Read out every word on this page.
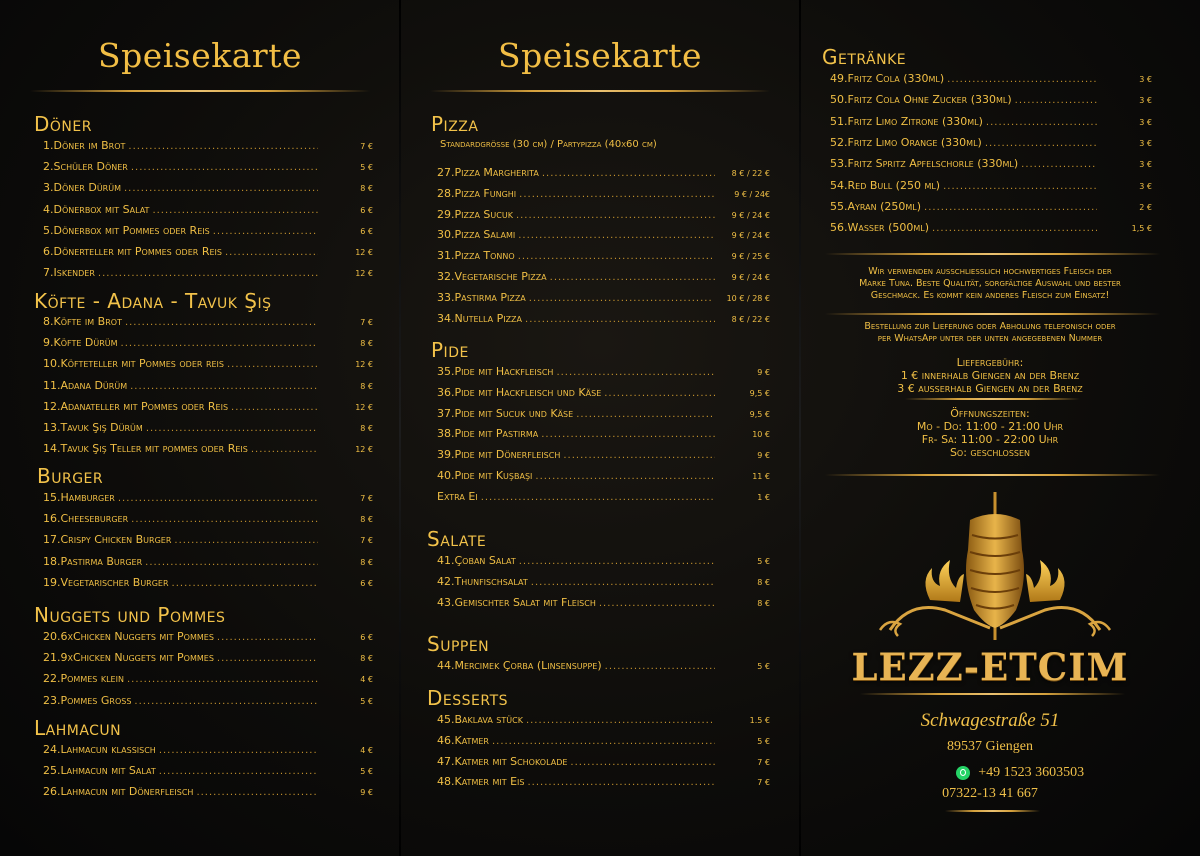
Speisekarte	Speisekarte
Standardgrösse (30 cm) / Partypizza (40x60 cm)
Wir verwenden ausschliesslich hochwertiges Fleisch der
Marke Tuna. Beste Qualität, sorgfältige Auswahl und bester
Geschmack. Es kommt kein anderes Fleisch zum Einsatz!
Bestellung zur Lieferung oder Abholung telefonisch oder
per WhatsApp unter der unten angegebenen Nummer
Liefergebühr:
1 € innerhalb Giengen an der Brenz
3 € ausserhalb Giengen an der Brenz
Öffnungszeiten:
Mo - Do: 11:00 - 21:00 Uhr
Fr- Sa: 11:00 - 22:00 Uhr
So: geschlossen
LEZZ-ETCIM
Schwagestraße 51
89537 Giengen
+49 1523 3603503
07322-13 41 667
Döner
1.Döner im Brot .....	7 €
2.Schüler Döner .....	5 €
3.Döner Dürüm .....	8 €
4.Dönerbox mit Salat .....	6 €
5.Dönerbox mit Pommes oder Reis .....	6 €
6.Dönerteller mit Pommes oder Reis .....	12 €
7.Iskender .....	12 €
Köfte - Adana - Tavuk Şiş
8.Köfte im Brot .....	7 €
9.Köfte Dürüm .....	8 €
10.Köfteteller mit Pommes oder reis .....	12 €
11.Adana Dürüm .....	8 €
12.Adanateller mit Pommes oder Reis .....	12 €
13.Tavuk Şiş Dürüm .....	8 €
14.Tavuk Şiş Teller mit pommes oder Reis .....	12 €
Burger
15.Hamburger .....	7 €
16.Cheeseburger .....	8 €
17.Crispy Chicken Burger .....	7 €
18.Pastirma Burger .....	8 €
19.Vegetarischer Burger .....	6 €
Nuggets und Pommes
20.6xChicken Nuggets mit Pommes .....	6 €
21.9xChicken Nuggets mit Pommes .....	8 €
22.Pommes klein .....	4 €
23.Pommes Gross .....	5 €
Lahmacun
24.Lahmacun klassisch .....	4 €
25.Lahmacun mit Salat .....	5 €
26.Lahmacun mit Dönerfleisch .....	9 €
Pizza
27.Pizza Margherita .....	8 € / 22 €
28.Pizza Funghi .....	9 € / 24€
29.Pizza Sucuk .....	9 € / 24 €
30.Pizza Salami .....	9 € / 24 €
31.Pizza Tonno .....	9 € / 25 €
32.Vegetarische Pizza .....	9 € / 24 €
33.Pastirma Pizza .....	10 € / 28 €
34.Nutella Pizza .....	8 € / 22 €
Pide
35.Pide mit Hackfleisch .....	9 €
36.Pide mit Hackfleisch und Käse .....	9,5 €
37.Pide mit Sucuk und Käse .....	9,5 €
38.Pide mit Pastirma .....	10 €
39.Pide mit Dönerfleisch .....	9 €
40.Pide mit Kuşbaşı .....	11 €
Extra Ei .....	1 €
Salate
41.Çoban Salat .....	5 €
42.Thunfischsalat .....	8 €
43.Gemischter Salat mit Fleisch .....	8 €
Suppen
44.Mercimek Çorba (Linsensuppe) .....	5 €
Desserts
45.Baklava stück .....	1.5 €
46.Katmer .....	5 €
47.Katmer mit Schokolade .....	7 €
48.Katmer mit Eis .....	7 €
Getränke
49.Fritz Cola (330ml) .....	3 €
50.Fritz Cola Ohne Zucker (330ml) .....	3 €
51.Fritz Limo Zitrone (330ml) .....	3 €
52.Fritz Limo Orange (330ml) .....	3 €
53.Fritz Spritz Apfelschorle (330ml) .....	3 €
54.Red Bull (250 ml) .....	3 €
55.Ayran (250ml) .....	2 €
56.Wasser (500ml) .....	1,5 €
